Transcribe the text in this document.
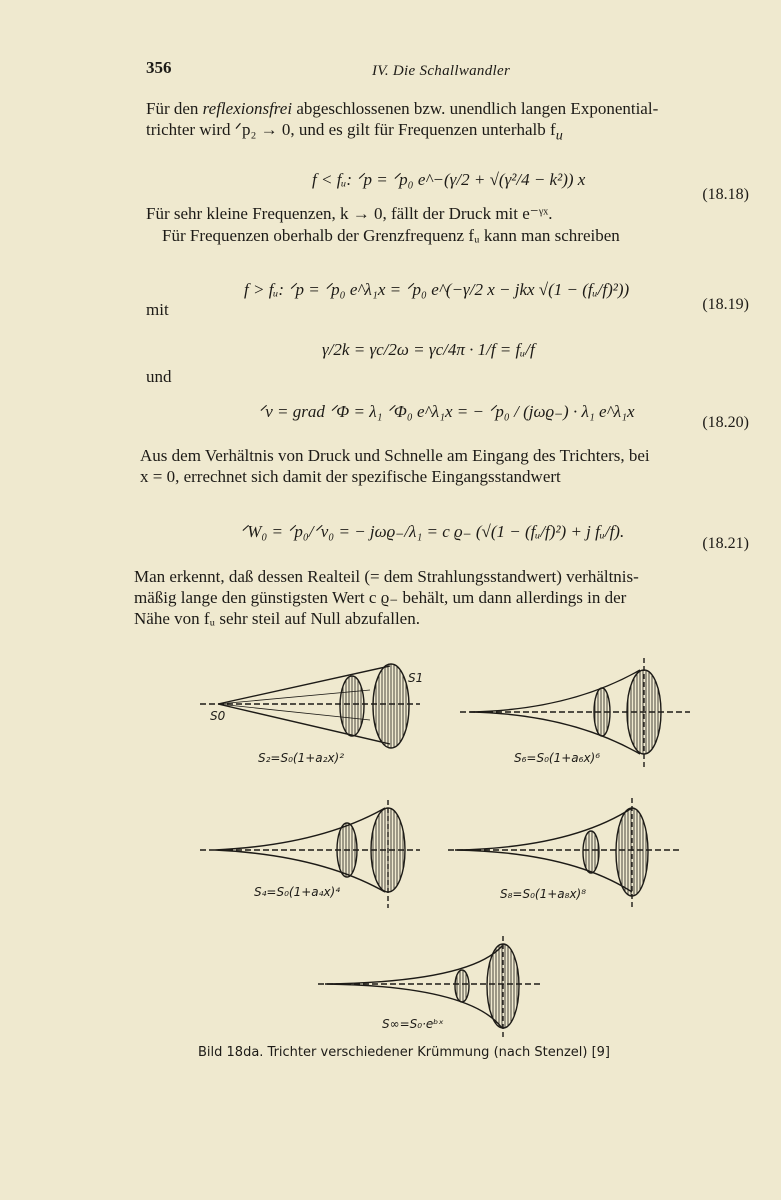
356	IV. Die Schallwandler
Für den reflexionsfrei abgeschlossenen bzw. unendlich langen Exponential-
trichter wird ᐟp₂ → 0, und es gilt für Frequenzen unterhalb $f_u$
f < fᵤ: ᐟp = ᐟp₀ e^−(γ/2 + √(γ²/4 − k²)) x
(18.18)
Für sehr kleine Frequenzen, k → 0, fällt der Druck mit e⁻ᵞˣ.
Für Frequenzen oberhalb der Grenzfrequenz fᵤ kann man schreiben
f > fᵤ: ᐟp = ᐟp₀ e^λ₁x = ᐟp₀ e^(−γ/2 x − jkx √(1 − (fᵤ/f)²))
mit	(18.19)
γ/2k = γc/2ω = γc/4π · 1/f = fᵤ/f
und
ᐟv = grad ᐟΦ = λ₁ ᐟΦ₀ e^λ₁x = − ᐟp₀ / (jωϱ₋) · λ₁ e^λ₁x
(18.20)
Aus dem Verhältnis von Druck und Schnelle am Eingang des Trichters, bei
x = 0, errechnet sich damit der spezifische Eingangsstandwert
ᐟW₀ = ᐟp₀/ᐟv₀ = − jωϱ₋/λ₁ = c ϱ₋ (√(1 − (fᵤ/f)²) + j fᵤ/f).
(18.21)
Man erkennt, daß dessen Realteil (= dem Strahlungsstandwert) verhältnis-
mäßig lange den günstigsten Wert c ϱ₋ behält, um dann allerdings in der
Nähe von fᵤ sehr steil auf Null abzufallen.
S0
S1
S₂=S₀(1+a₂x)²	S₆=S₀(1+a₆x)⁶
S₄=S₀(1+a₄x)⁴	S₈=S₀(1+a₈x)⁸
S∞=S₀·eᵇˣ
Bild 18da. Trichter verschiedener Krümmung (nach Stenzel) [9]
